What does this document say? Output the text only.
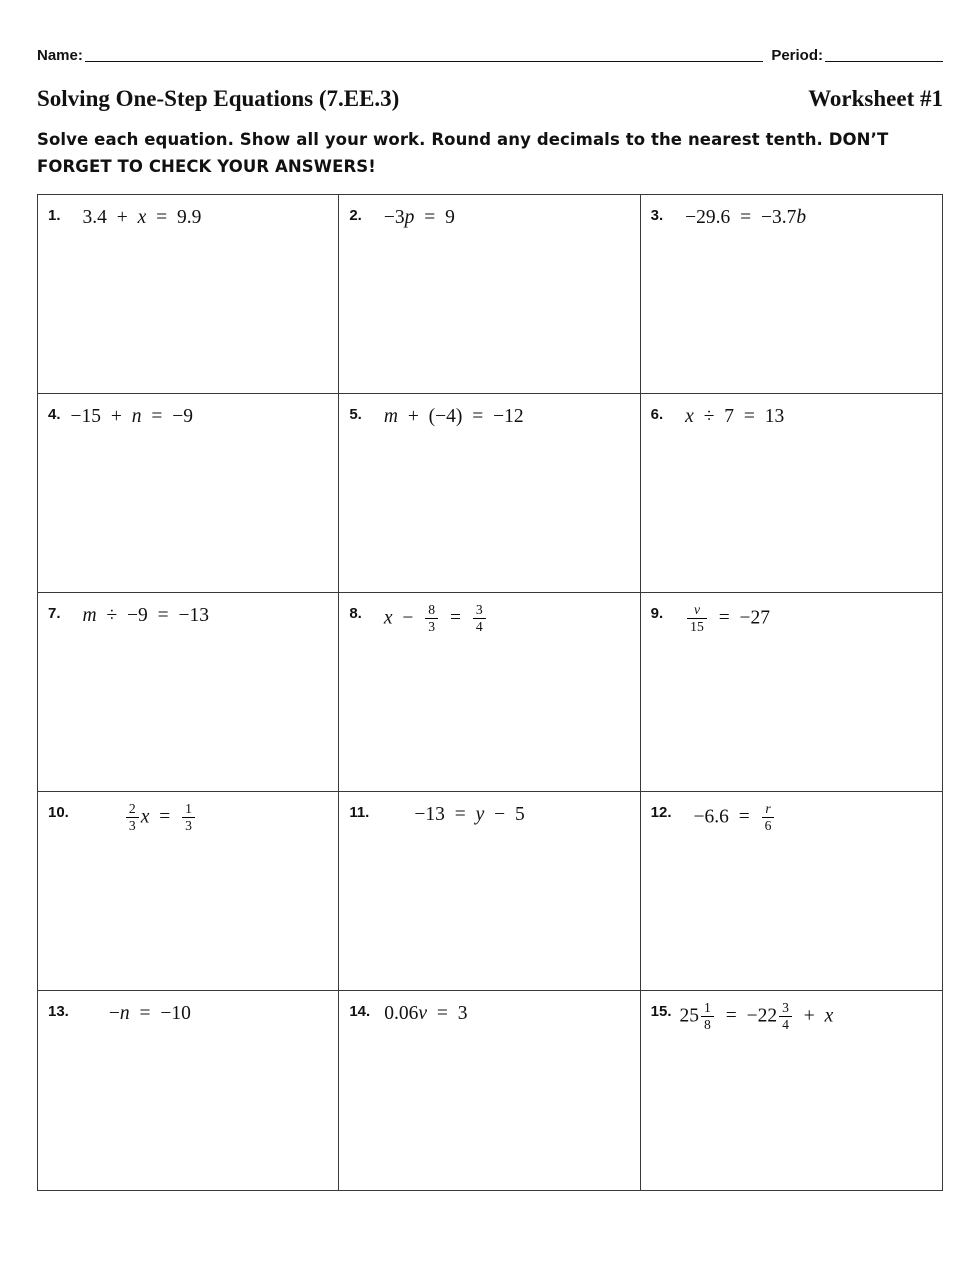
Name:	Period:
Solving One-Step Equations (7.EE.3)	Worksheet #1

Solve each equation. Show all your work. Round any decimals to the nearest tenth. DON’T FORGET TO CHECK YOUR ANSWERS!

1. 3.4 + x = 9.9	2. −3p = 9	3. −29.6 = −3.7b
4. −15 + n = −9	5. m + (−4) = −12	6. x ÷ 7 = 13
7. m ÷ −9 = −13	8. $x - \frac{8}{3} = \frac{3}{4}$	9. $\frac{v}{15} = -27$
10.	$\frac{2}{3}$ $x = \frac{1}{3}$	11. −13 = y − 5	12. $-6.6 = \frac{r}{6}$
13. −n = −10	14. 0.06v = 3	15. $25 \frac{1}{8} = -22 \frac{3}{4} + x$
